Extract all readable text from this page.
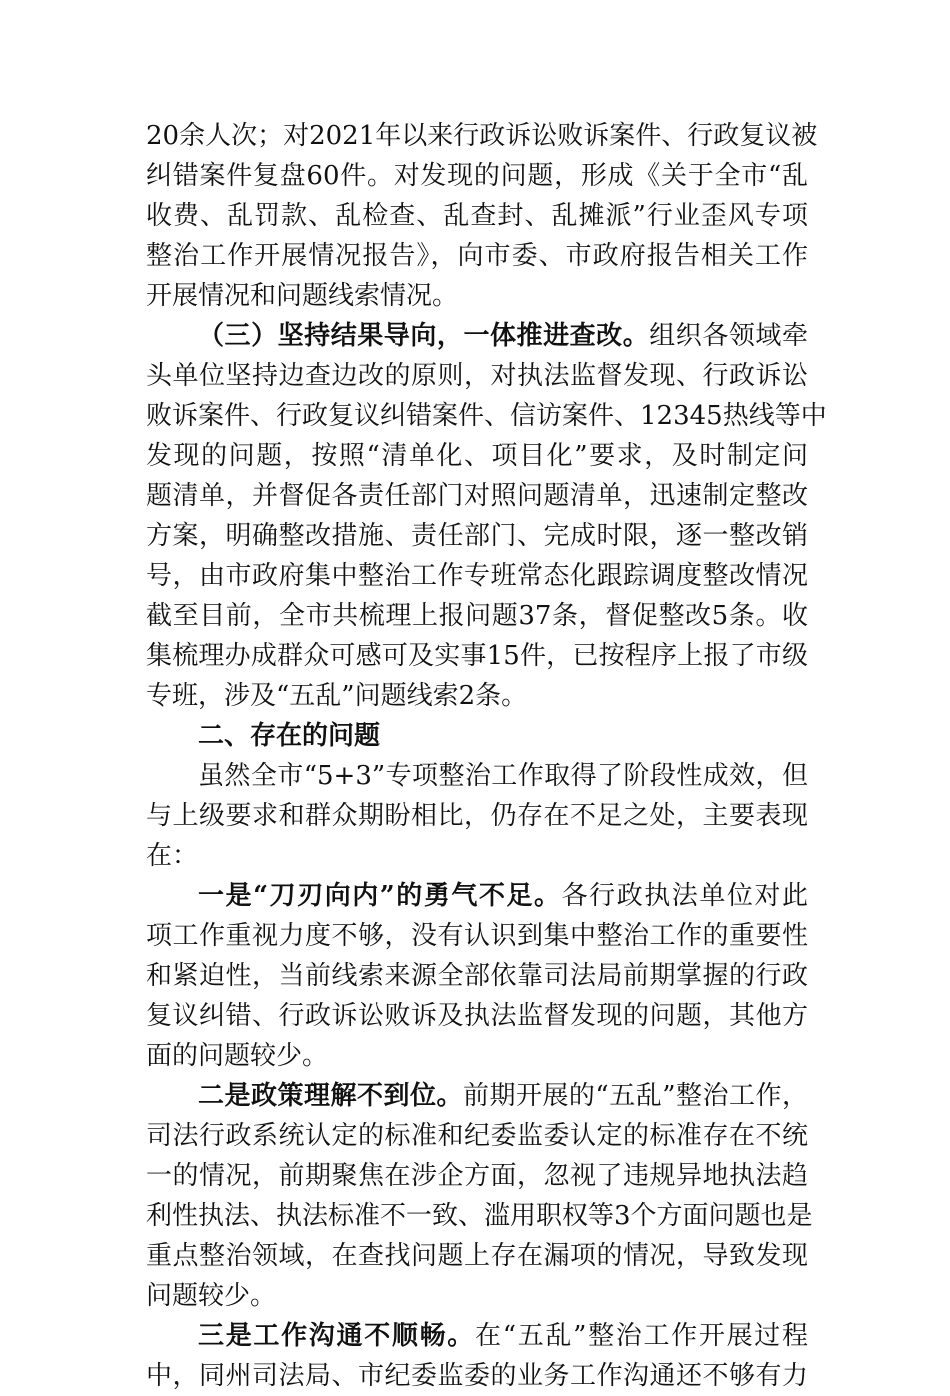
20余人次；对2021年以来行政诉讼败诉案件、行政复议被
纠错案件复盘60件。对发现的问题，形成《关于全市“乱
收费、乱罚款、乱检查、乱查封、乱摊派”行业歪风专项
整治工作开展情况报告》，向市委、市政府报告相关工作
开展情况和问题线索情况。
（三）坚持结果导向，一体推进查改。组织各领域牵
头单位坚持边查边改的原则，对执法监督发现、行政诉讼
败诉案件、行政复议纠错案件、信访案件、12345热线等中
发现的问题，按照“清单化、项目化”要求，及时制定问
题清单，并督促各责任部门对照问题清单，迅速制定整改
方案，明确整改措施、责任部门、完成时限，逐一整改销
号，由市政府集中整治工作专班常态化跟踪调度整改情况
截至目前，全市共梳理上报问题37条，督促整改5条。收
集梳理办成群众可感可及实事15件，已按程序上报了市级
专班，涉及“五乱”问题线索2条。
二、存在的问题
虽然全市“5+3”专项整治工作取得了阶段性成效，但
与上级要求和群众期盼相比，仍存在不足之处，主要表现
在：
一是“刀刃向内”的勇气不足。各行政执法单位对此
项工作重视力度不够，没有认识到集中整治工作的重要性
和紧迫性，当前线索来源全部依靠司法局前期掌握的行政
复议纠错、行政诉讼败诉及执法监督发现的问题，其他方
面的问题较少。
二是政策理解不到位。前期开展的“五乱”整治工作，
司法行政系统认定的标准和纪委监委认定的标准存在不统
一的情况，前期聚焦在涉企方面，忽视了违规异地执法趋
利性执法、执法标准不一致、滥用职权等3个方面问题也是
重点整治领域，在查找问题上存在漏项的情况，导致发现
问题较少。
三是工作沟通不顺畅。在“五乱”整治工作开展过程
中，同州司法局、市纪委监委的业务工作沟通还不够有力
